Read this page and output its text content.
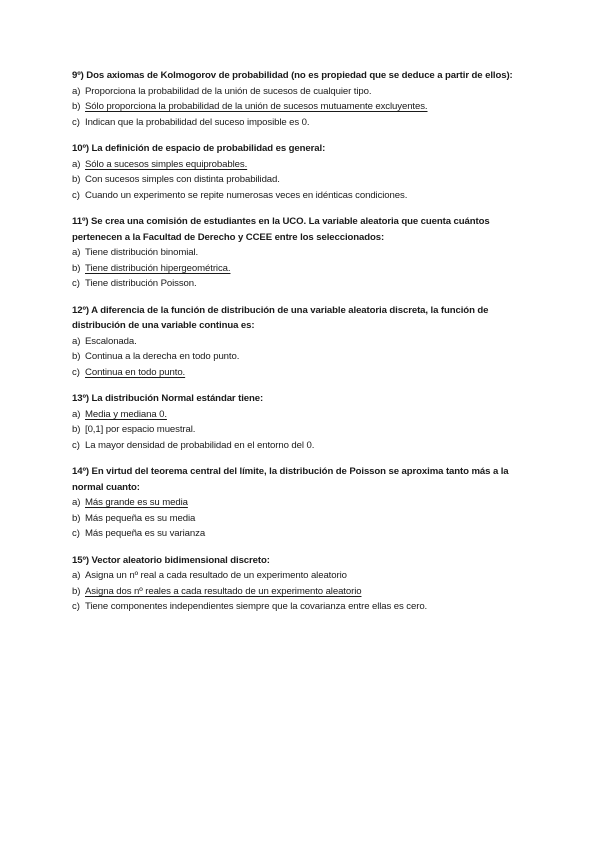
9º) Dos axiomas de Kolmogorov de probabilidad (no es propiedad que se deduce a partir de ellos):

a) Proporciona la probabilidad de la unión de sucesos de cualquier tipo.

b) Sólo proporciona la probabilidad de la unión de sucesos mutuamente excluyentes.

c) Indican que la probabilidad del suceso imposible es 0.

10º) La definición de espacio de probabilidad es general:

a) Sólo a sucesos simples equiprobables.

b) Con sucesos simples con distinta probabilidad.

c) Cuando un experimento se repite numerosas veces en idénticas condiciones.

11º) Se crea una comisión de estudiantes en la UCO. La variable aleatoria que cuenta cuántos pertenecen a la Facultad de Derecho y CCEE entre los seleccionados:

a) Tiene distribución binomial.

b) Tiene distribución hipergeométrica.

c) Tiene distribución Poisson.

12º) A diferencia de la función de distribución de una variable aleatoria discreta, la función de distribución de una variable continua es:

a) Escalonada.

b) Continua a la derecha en todo punto.

c) Continua en todo punto.

13º) La distribución Normal estándar tiene:

a) Media y mediana 0.

b) [0,1] por espacio muestral.

c) La mayor densidad de probabilidad en el entorno del 0.

14º) En virtud del teorema central del límite, la distribución de Poisson se aproxima tanto más a la normal cuanto:

a) Más grande es su media

b) Más pequeña es su media

c) Más pequeña es su varianza

15º) Vector aleatorio bidimensional discreto:

a) Asigna un nº real a cada resultado de un experimento aleatorio

b) Asigna dos nº reales a cada resultado de un experimento aleatorio

c) Tiene componentes independientes siempre que la covarianza entre ellas es cero.
